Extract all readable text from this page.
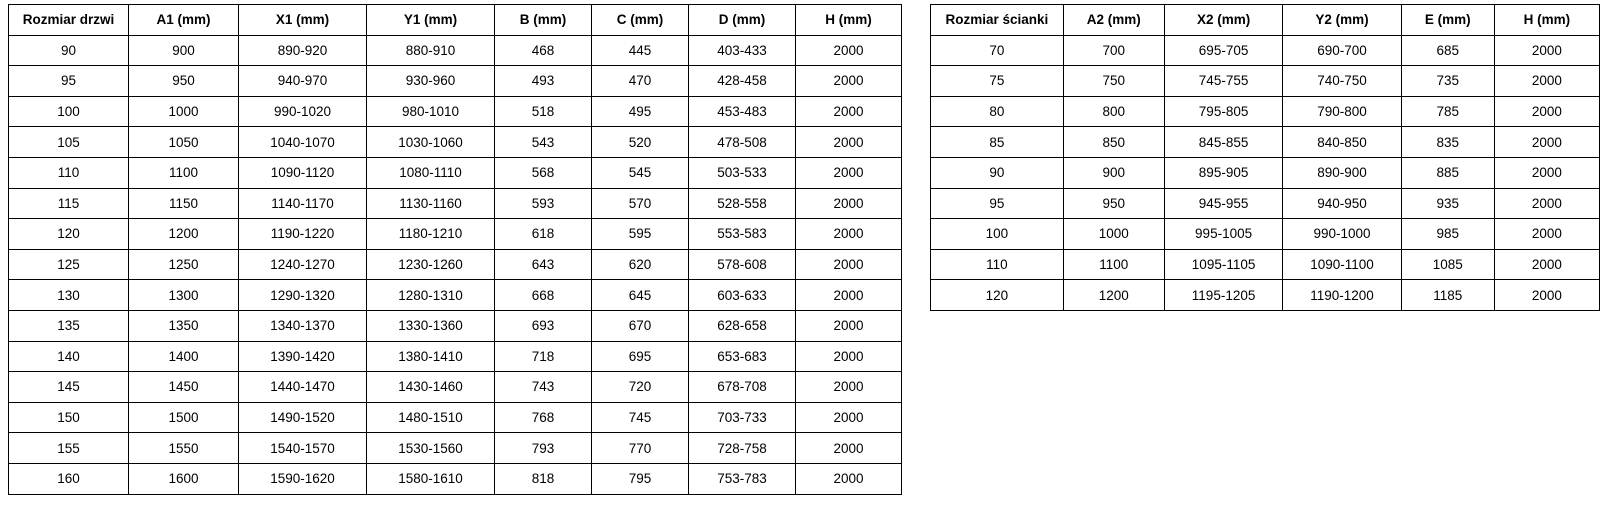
Rozmiar drzwi	A1 (mm)	X1 (mm)	Y1 (mm)	B (mm)	C (mm)	D (mm)	H (mm)
90	900	890-920	880-910	468	445	403-433	2000
95	950	940-970	930-960	493	470	428-458	2000
100	1000	990-1020	980-1010	518	495	453-483	2000
105	1050	1040-1070	1030-1060	543	520	478-508	2000
110	1100	1090-1120	1080-1110	568	545	503-533	2000
115	1150	1140-1170	1130-1160	593	570	528-558	2000
120	1200	1190-1220	1180-1210	618	595	553-583	2000
125	1250	1240-1270	1230-1260	643	620	578-608	2000
130	1300	1290-1320	1280-1310	668	645	603-633	2000
135	1350	1340-1370	1330-1360	693	670	628-658	2000
140	1400	1390-1420	1380-1410	718	695	653-683	2000
145	1450	1440-1470	1430-1460	743	720	678-708	2000
150	1500	1490-1520	1480-1510	768	745	703-733	2000
155	1550	1540-1570	1530-1560	793	770	728-758	2000
160	1600	1590-1620	1580-1610	818	795	753-783	2000
Rozmiar ścianki	A2 (mm)	X2 (mm)	Y2 (mm)	E (mm)	H (mm)
70	700	695-705	690-700	685	2000
75	750	745-755	740-750	735	2000
80	800	795-805	790-800	785	2000
85	850	845-855	840-850	835	2000
90	900	895-905	890-900	885	2000
95	950	945-955	940-950	935	2000
100	1000	995-1005	990-1000	985	2000
110	1100	1095-1105	1090-1100	1085	2000
120	1200	1195-1205	1190-1200	1185	2000
